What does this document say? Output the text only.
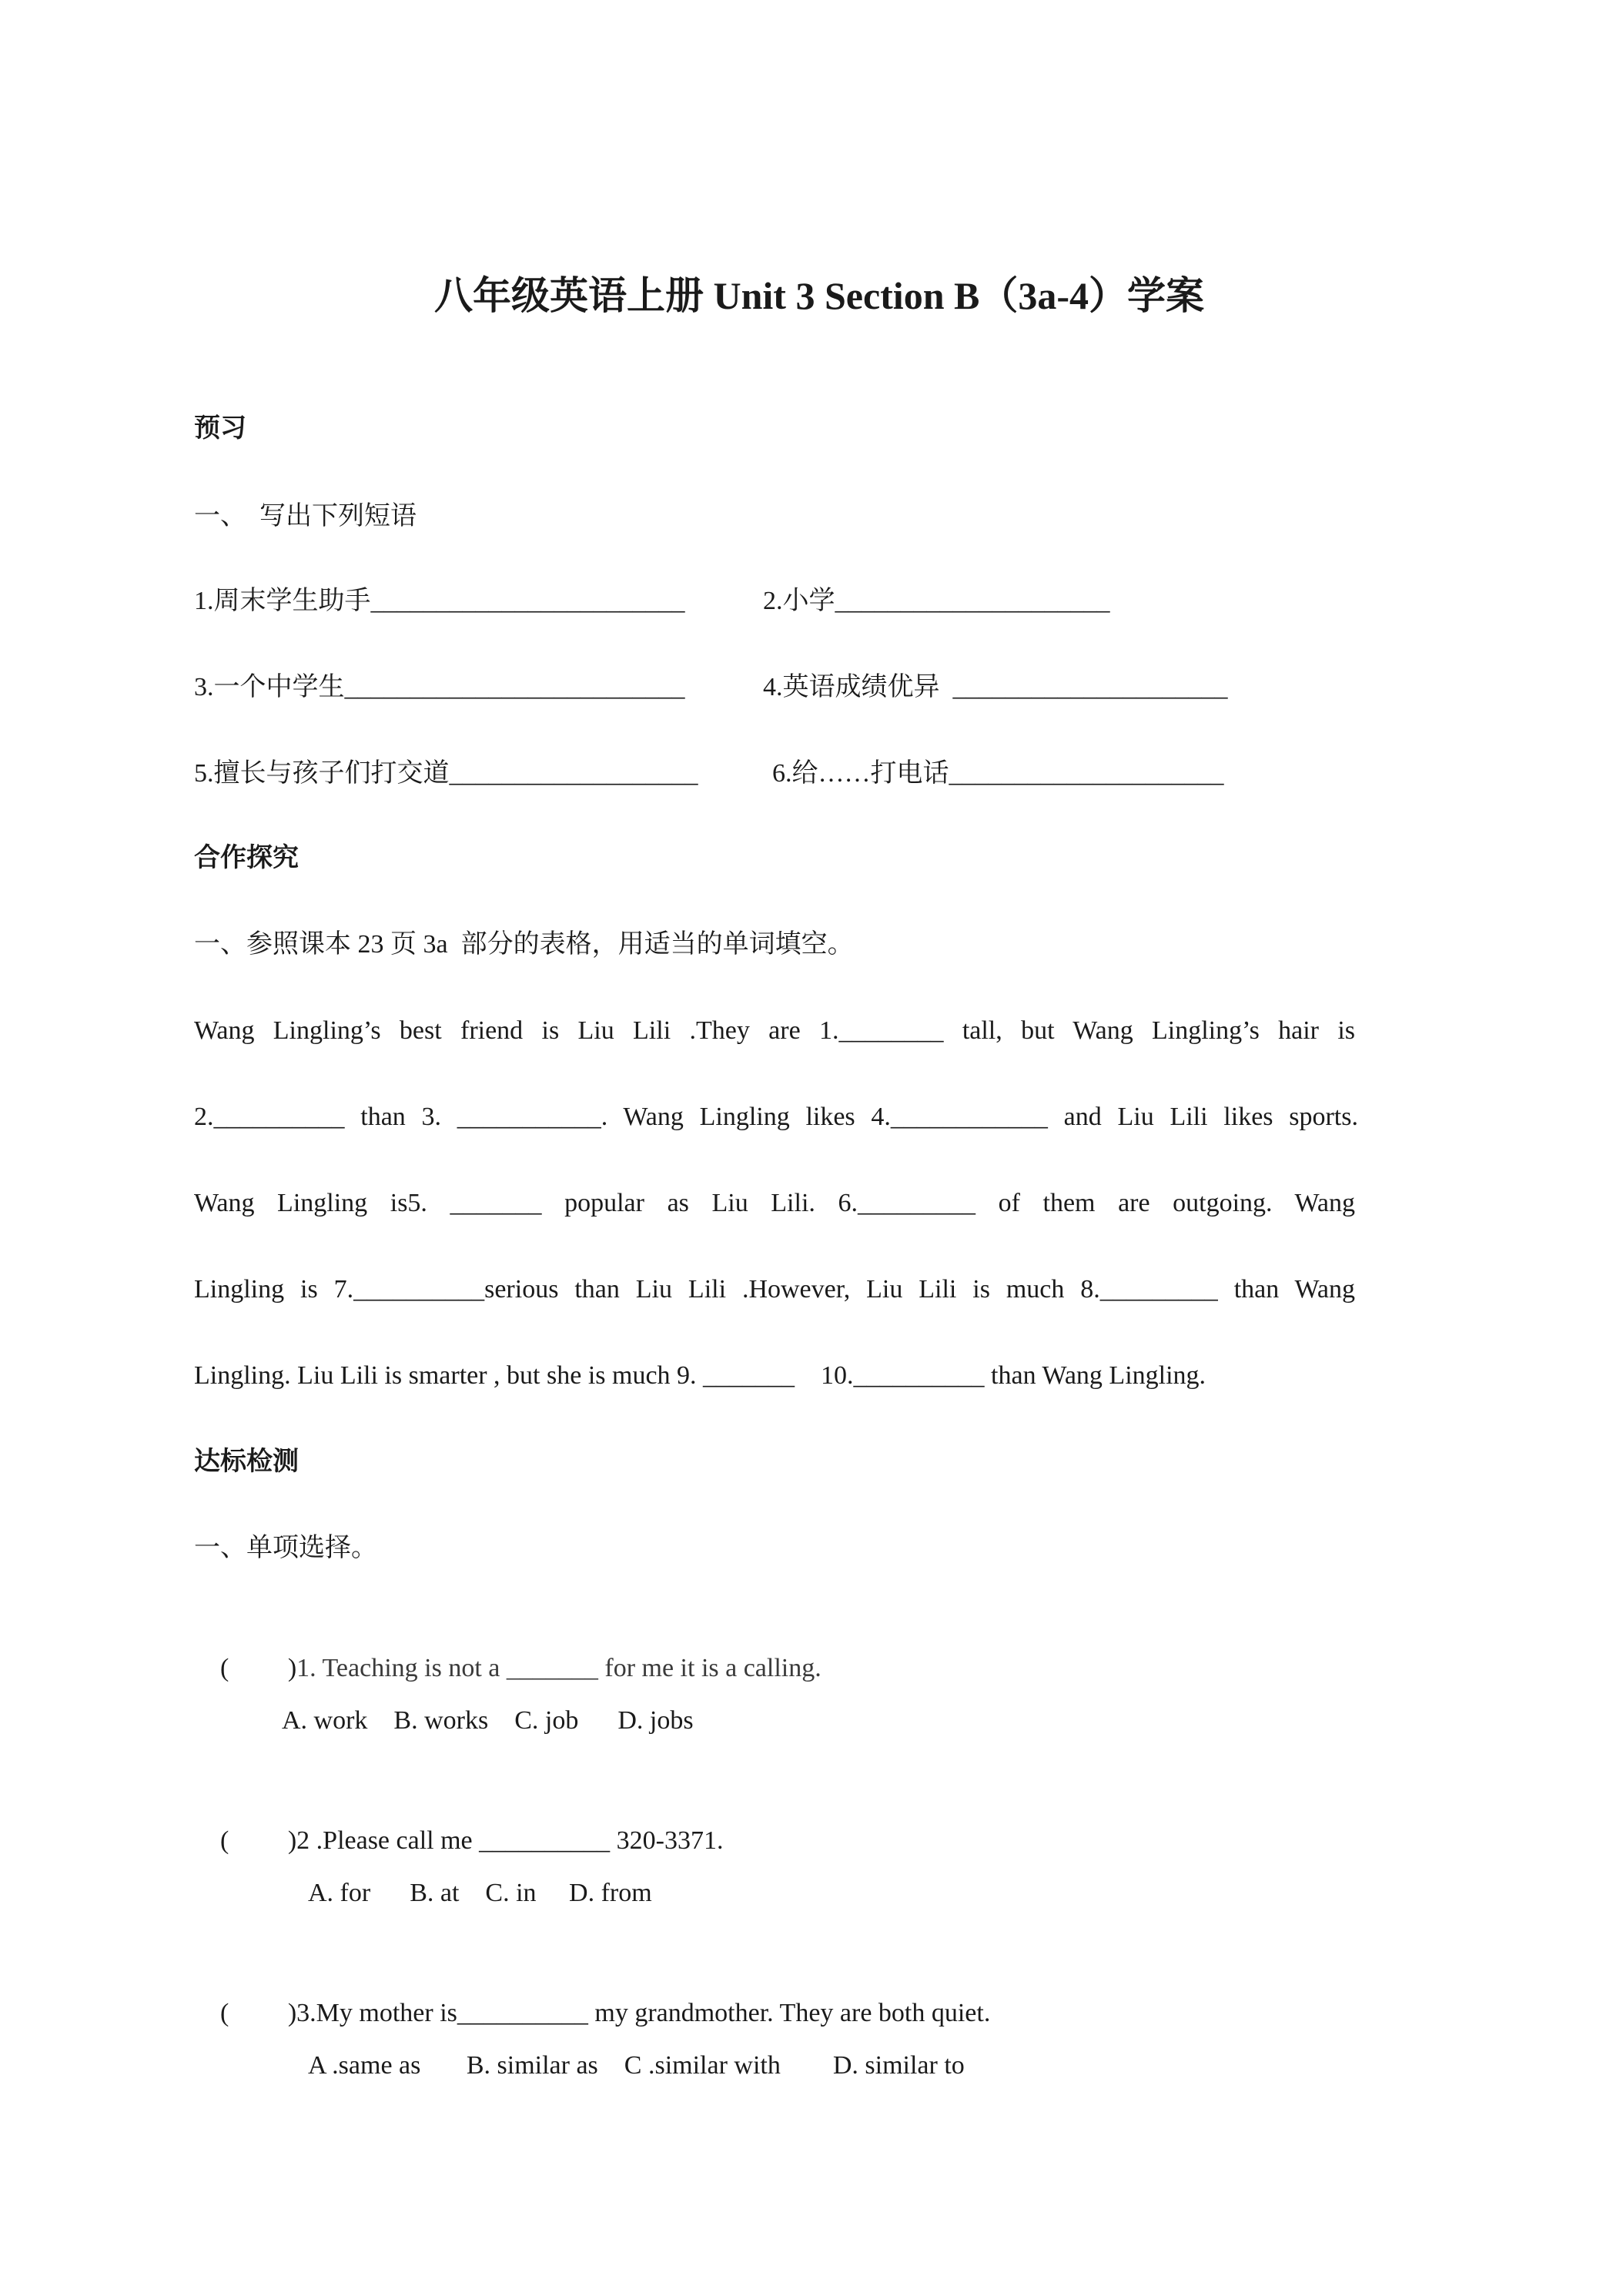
八年级英语上册 Unit 3 Section B（3a-4）学案
预习
一、  写出下列短语
1.周末学生助手________________________	2.小学_____________________
3.一个中学生__________________________	4.英语成绩优异  _____________________
5.擅长与孩子们打交道___________________	6.给……打电话_____________________
合作探究
一、参照课本 23 页 3a  部分的表格，用适当的单词填空。
Wang Lingling’s best friend is Liu Lili .They are 1.________ tall, but Wang Lingling’s hair is
2.__________ than 3. ___________. Wang Lingling likes 4.____________ and Liu Lili likes sports.
Wang Lingling is5. _______ popular as Liu Lili. 6._________ of them are outgoing. Wang
Lingling is 7.__________serious than Liu Lili .However, Liu Lili is much 8._________ than Wang
Lingling. Liu Lili is smarter , but she is much 9. _______    10.__________ than Wang Lingling.
达标检测
一、单项选择。

(         )1. Teaching is not a _______ for me it is a calling.

A. work    B. works    C. job      D. jobs

(         )2 .Please call me __________ 320-3371.

A. for      B. at    C. in     D. from

(         )3.My mother is__________ my grandmother. They are both quiet.

A .same as       B. similar as    C .similar with        D. similar to
